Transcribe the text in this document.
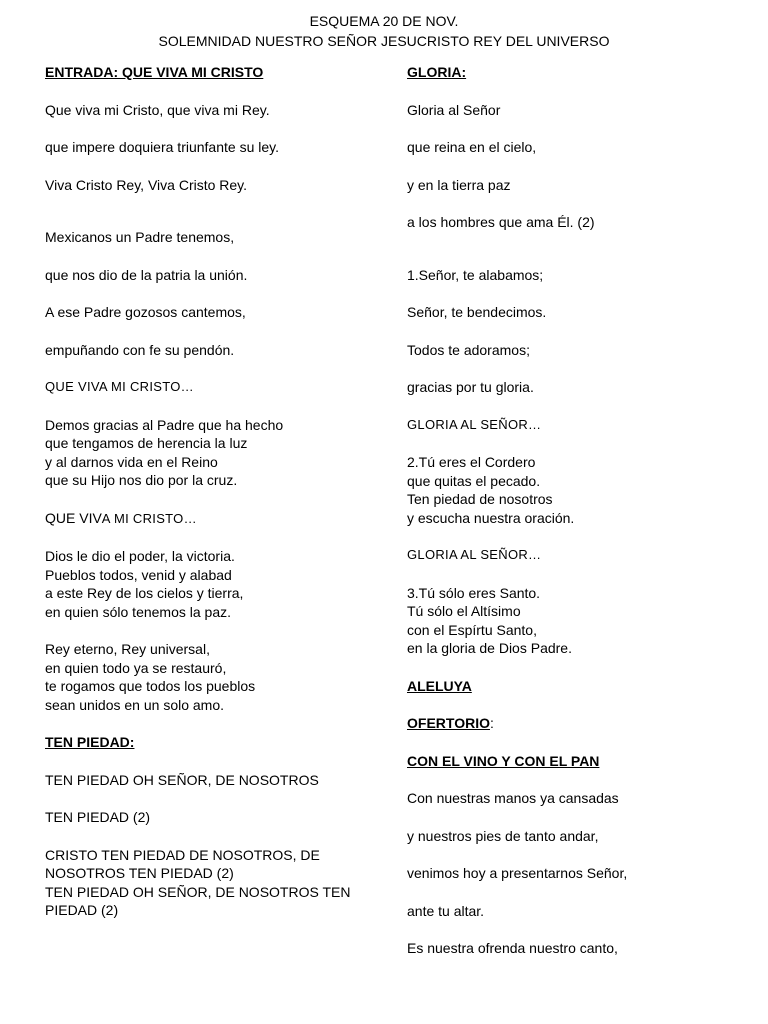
ESQUEMA 20 DE NOV.
SOLEMNIDAD NUESTRO SEÑOR JESUCRISTO REY DEL UNIVERSO
ENTRADA: QUE VIVA MI CRISTO
Que viva mi Cristo, que viva mi Rey.
que impere doquiera triunfante su ley.
Viva Cristo Rey, Viva Cristo Rey.
Mexicanos un Padre tenemos,
que nos dio de la patria la unión.
A ese Padre gozosos cantemos,
empuñando con fe su pendón.
QUE VIVA MI CRISTO…
Demos gracias al Padre que ha hecho
que tengamos de herencia la luz
y al darnos vida en el Reino
que su Hijo nos dio por la cruz.
QUE VIVA MI CRISTO…
Dios le dio el poder, la victoria.
Pueblos todos, venid y alabad
a este Rey de los cielos y tierra,
en quien sólo tenemos la paz.
Rey eterno, Rey universal,
en quien todo ya se restauró,
te rogamos que todos los pueblos
sean unidos en un solo amo.
TEN PIEDAD:
TEN PIEDAD OH SEÑOR, DE NOSOTROS
TEN PIEDAD (2)
CRISTO TEN PIEDAD DE NOSOTROS, DE
NOSOTROS TEN PIEDAD (2)
TEN PIEDAD OH SEÑOR, DE NOSOTROS TEN
PIEDAD (2)
GLORIA:
Gloria al Señor
que reina en el cielo,
y en la tierra paz
a los hombres que ama Él. (2)
1.Señor, te alabamos;
Señor, te bendecimos.
Todos te adoramos;
gracias por tu gloria.
GLORIA AL SEÑOR…
2.Tú eres el Cordero
que quitas el pecado.
Ten piedad de nosotros
y escucha nuestra oración.
GLORIA AL SEÑOR…
3.Tú sólo eres Santo.
Tú sólo el Altísimo
con el Espírtu Santo,
en la gloria de Dios Padre.
ALELUYA
OFERTORIO:
CON EL VINO Y CON EL PAN
Con nuestras manos ya cansadas
y nuestros pies de tanto andar,
venimos hoy a presentarnos Señor,
ante tu altar.
Es nuestra ofrenda nuestro canto,
